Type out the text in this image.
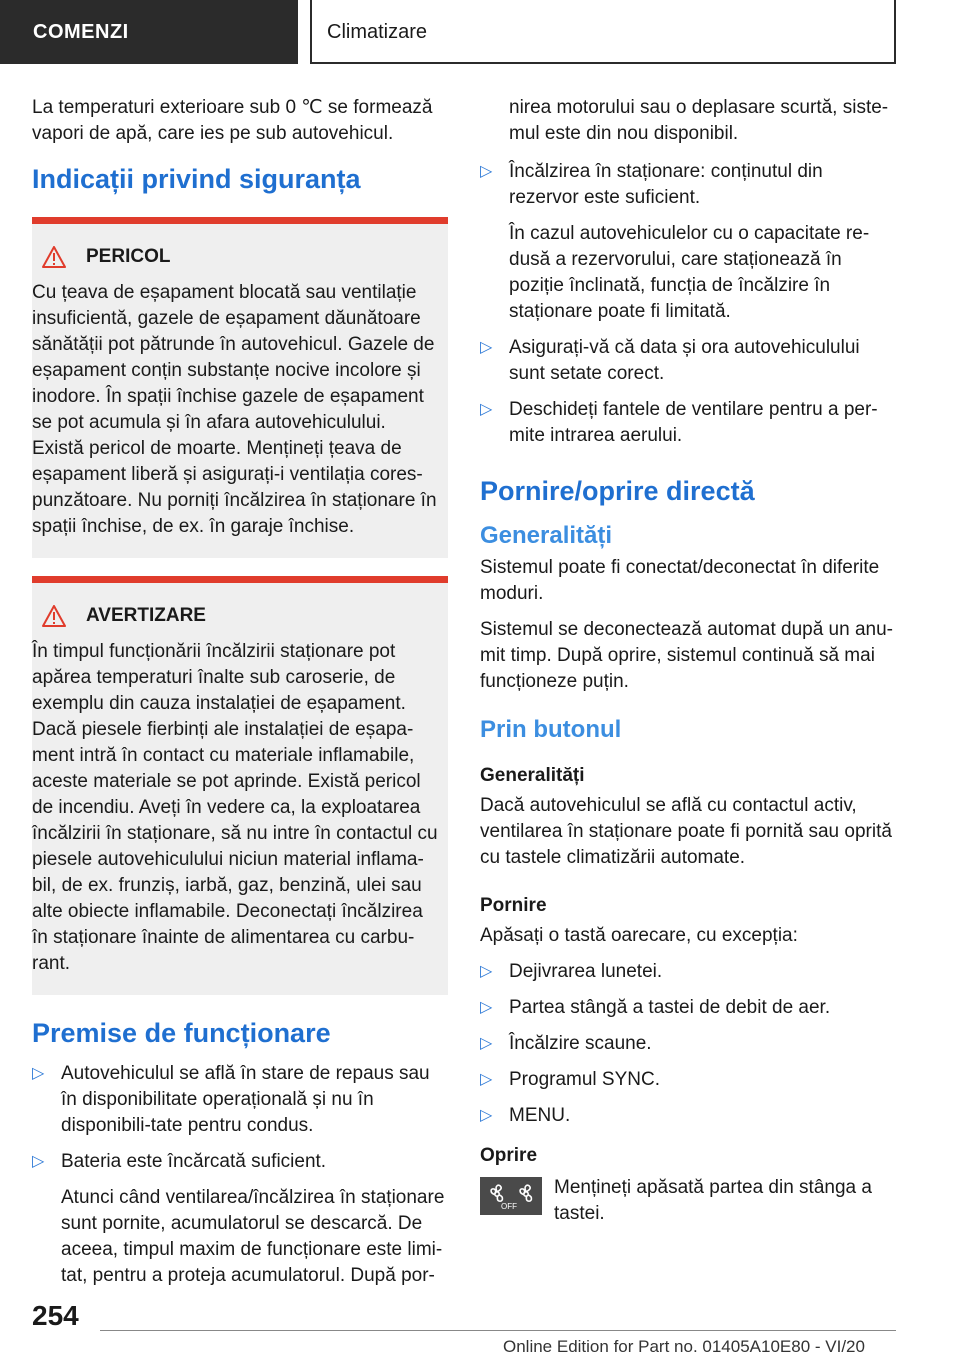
COMENZI	Climatizare

La temperaturi exterioare sub 0 ℃ se formează vapori de apă, care ies pe sub autovehicul.

Indicații privind siguranța
PERICOL

Cu țeava de eșapament blocată sau ventilație insuficientă, gazele de eșapament dăunătoare sănătății pot pătrunde în autovehicul. Gazele de eșapament conțin substanțe nocive incolore și inodore. În spații închise gazele de eșapament se pot acumula și în afara autovehiculului. Există pericol de moarte. Mențineți țeava de eșapament liberă și asigurați-i ventilația cores-punzătoare. Nu porniți încălzirea în staționare în spații închise, de ex. în garaje închise.

AVERTIZARE

În timpul funcționării încălzirii staționare pot apărea temperaturi înalte sub caroserie, de exemplu din cauza instalației de eșapament. Dacă piesele fierbinți ale instalației de eșapa-ment intră în contact cu materiale inflamabile, aceste materiale se pot aprinde. Există pericol de incendiu. Aveți în vedere ca, la exploatarea încălzirii în staționare, să nu intre în contactul cu piesele autovehiculului niciun material inflama-bil, de ex. frunziș, iarbă, gaz, benzină, ulei sau alte obiecte inflamabile. Deconectați încălzirea în staționare înainte de alimentarea cu carbu-rant.

Premise de funcționare
▷ Autovehiculul se află în stare de repaus sau în disponibilitate operațională și nu în disponibili-tate pentru condus.

▷ Bateria este încărcată suficient.

Atunci când ventilarea/încălzirea în staționare sunt pornite, acumulatorul se descarcă. De aceea, timpul maxim de funcționare este limi-tat, pentru a proteja acumulatorul. După por-

nirea motorului sau o deplasare scurtă, siste-mul este din nou disponibil.

▷ Încălzirea în staționare: conținutul din rezervor este suficient.

În cazul autovehiculelor cu o capacitate re-dusă a rezervorului, care staționează în poziție înclinată, funcția de încălzire în staționare poate fi limitată.

▷ Asigurați-vă că data și ora autovehiculului sunt setate corect.

▷ Deschideți fantele de ventilare pentru a per-mite intrarea aerului.

Pornire/oprire directă
Generalități

Sistemul poate fi conectat/deconectat în diferite moduri.

Sistemul se deconectează automat după un anu-mit timp. După oprire, sistemul continuă să mai funcționeze puțin.

Prin butonul
Generalități

Dacă autovehiculul se află cu contactul activ, ventilarea în staționare poate fi pornită sau oprită cu tastele climatizării automate.

Pornire

Apăsați o tastă oarecare, cu excepția:

▷ Dejivrarea lunetei.

▷ Partea stângă a tastei de debit de aer.

▷ Încălzire scaune.

▷ Programul SYNC.

▷ MENU.

Oprire
OFF

Mențineți apăsată partea din stânga a tastei.

254
Online Edition for Part no. 01405A10E80 - VI/20
